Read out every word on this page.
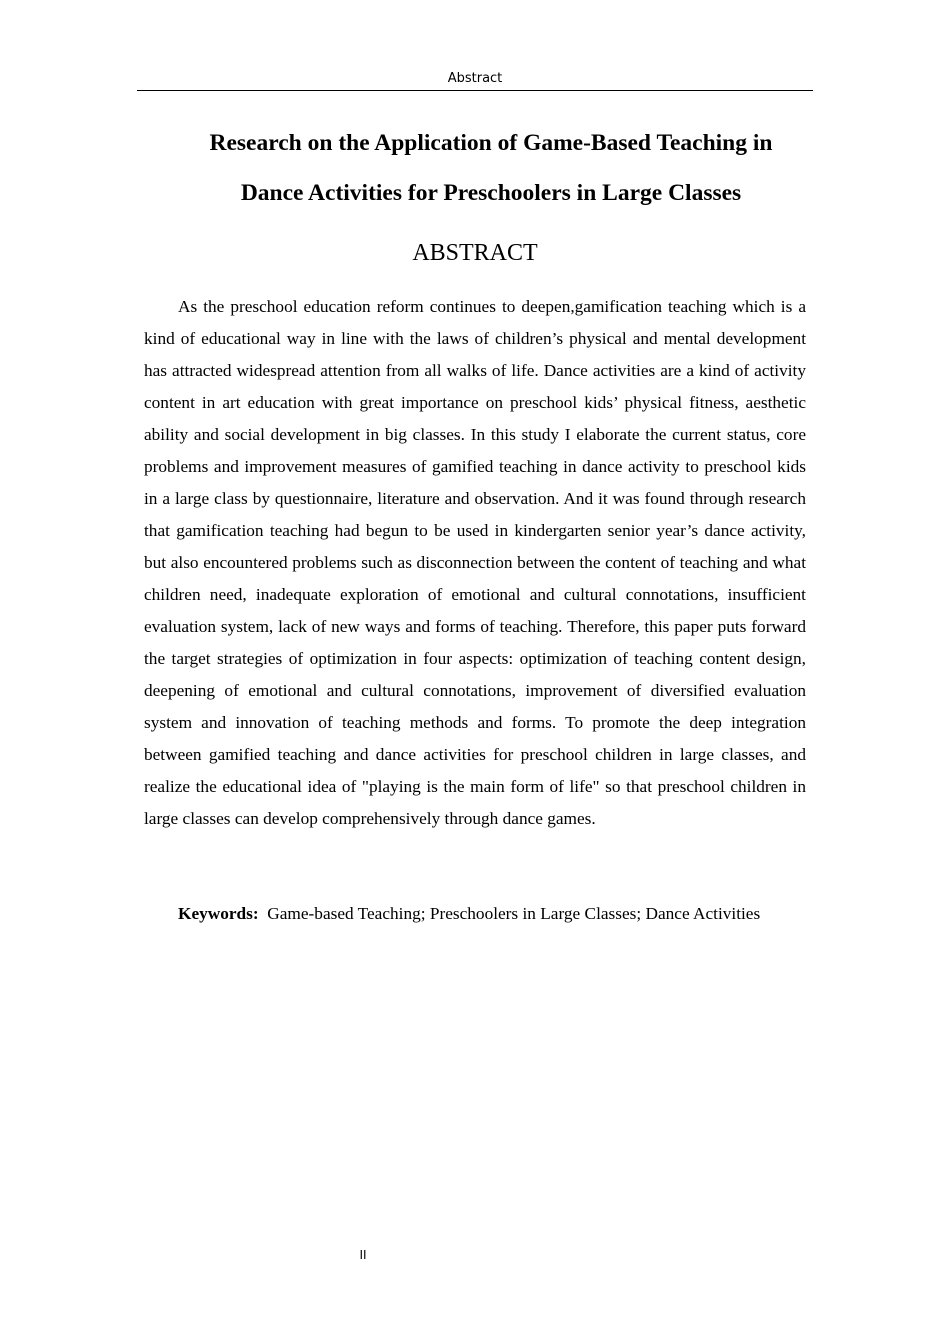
Abstract
Research on the Application of Game-Based Teaching in
Dance Activities for Preschoolers in Large Classes
ABSTRACT

As the preschool education reform continues to deepen,gamification teaching which is a kind of educational way in line with the laws of children’s physical and mental development has attracted widespread attention from all walks of life. Dance activities are a kind of activity content in art education with great importance on preschool kids’ physical fitness, aesthetic ability and social development in big classes. In this study I elaborate the current status, core problems and improvement measures of gamified teaching in dance activity to preschool kids in a large class by questionnaire, literature and observation. And it was found through research that gamification teaching had begun to be used in kindergarten senior year’s dance activity, but also encountered problems such as disconnection between the content of teaching and what children need, inadequate exploration of emotional and cultural connotations, insufficient evaluation system, lack of new ways and forms of teaching. Therefore, this paper puts forward the target strategies of optimization in four aspects: optimization of teaching content design, deepening of emotional and cultural connotations, improvement of diversified evaluation system and innovation of teaching methods and forms. To promote the deep integration between gamified teaching and dance activities for preschool children in large classes, and realize the educational idea of "playing is the main form of life" so that preschool children in large classes can develop comprehensively through dance games.

Keywords: Game-based Teaching; Preschoolers in Large Classes; Dance Activities

II
